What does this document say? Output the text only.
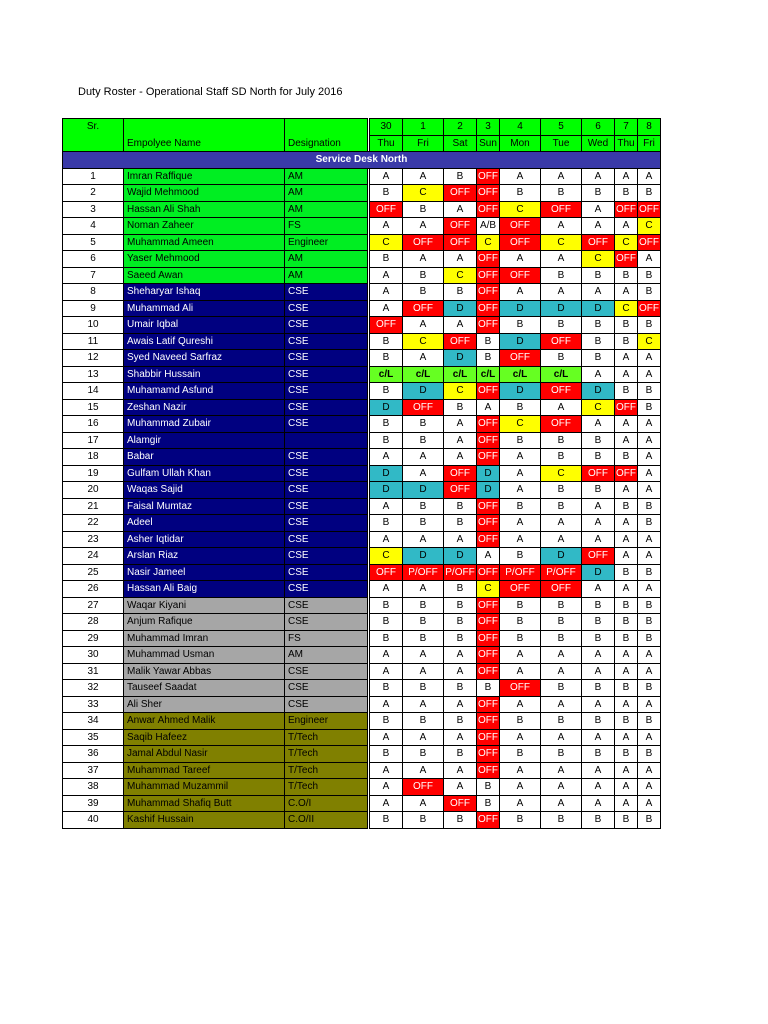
Duty Roster - Operational Staff SD North for July 2016
Sr.	Empolyee Name	Designation		30	1	2	3	4	5	6	7	8
				Thu	Fri	Sat	Sun	Mon	Tue	Wed	Thu	Fri
Service Desk North												
1	Imran Raffique	AM		A	A	B	OFF	A	A	A	A	A
2	Wajid Mehmood	AM		B	C	OFF	OFF	B	B	B	B	B
3	Hassan Ali Shah	AM		OFF	B	A	OFF	C	OFF	A	OFF	OFF
4	Noman Zaheer	FS		A	A	OFF	A/B	OFF	A	A	A	C
5	Muhammad Ameen	Engineer		C	OFF	OFF	C	OFF	C	OFF	C	OFF
6	Yaser Mehmood	AM		B	A	A	OFF	A	A	C	OFF	A
7	Saeed Awan	AM		A	B	C	OFF	OFF	B	B	B	B
8	Sheharyar Ishaq	CSE		A	B	B	OFF	A	A	A	A	B
9	Muhammad Ali	CSE		A	OFF	D	OFF	D	D	D	C	OFF
10	Umair Iqbal	CSE		OFF	A	A	OFF	B	B	B	B	B
11	Awais Latif Qureshi	CSE		B	C	OFF	B	D	OFF	B	B	C
12	Syed Naveed Sarfraz	CSE		B	A	D	B	OFF	B	B	A	A
13	Shabbir Hussain	CSE		c/L	c/L	c/L	c/L	c/L	c/L	A	A	A
14	Muhamamd Asfund	CSE		B	D	C	OFF	D	OFF	D	B	B
15	Zeshan Nazir	CSE		D	OFF	B	A	B	A	C	OFF	B
16	Muhammad Zubair	CSE		B	B	A	OFF	C	OFF	A	A	A
17	Alamgir			B	B	A	OFF	B	B	B	A	A
18	Babar	CSE		A	A	A	OFF	A	B	B	B	A
19	Gulfam Ullah Khan	CSE		D	A	OFF	D	A	C	OFF	OFF	A
20	Waqas Sajid	CSE		D	D	OFF	D	A	B	B	A	A
21	Faisal Mumtaz	CSE		A	B	B	OFF	B	B	A	B	B
22	Adeel	CSE		B	B	B	OFF	A	A	A	A	B
23	Asher Iqtidar	CSE		A	A	A	OFF	A	A	A	A	A
24	Arslan Riaz	CSE		C	D	D	A	B	D	OFF	A	A
25	Nasir Jameel	CSE		OFF	P/OFF	P/OFF	OFF	P/OFF	P/OFF	D	B	B
26	Hassan Ali Baig	CSE		A	A	B	C	OFF	OFF	A	A	A
27	Waqar Kiyani	CSE		B	B	B	OFF	B	B	B	B	B
28	Anjum Rafique	CSE		B	B	B	OFF	B	B	B	B	B
29	Muhammad Imran	FS		B	B	B	OFF	B	B	B	B	B
30	Muhammad Usman	AM		A	A	A	OFF	A	A	A	A	A
31	Malik Yawar Abbas	CSE		A	A	A	OFF	A	A	A	A	A
32	Tauseef Saadat	CSE		B	B	B	B	OFF	B	B	B	B
33	Ali Sher	CSE		A	A	A	OFF	A	A	A	A	A
34	Anwar Ahmed Malik	Engineer		B	B	B	OFF	B	B	B	B	B
35	Saqib Hafeez	T/Tech		A	A	A	OFF	A	A	A	A	A
36	Jamal Abdul Nasir	T/Tech		B	B	B	OFF	B	B	B	B	B
37	Muhammad Tareef	T/Tech		A	A	A	OFF	A	A	A	A	A
38	Muhammad Muzammil	T/Tech		A	OFF	A	B	A	A	A	A	A
39	Muhammad Shafiq Butt	C.O/I		A	A	OFF	B	A	A	A	A	A
40	Kashif Hussain	C.O/II		B	B	B	OFF	B	B	B	B	B
